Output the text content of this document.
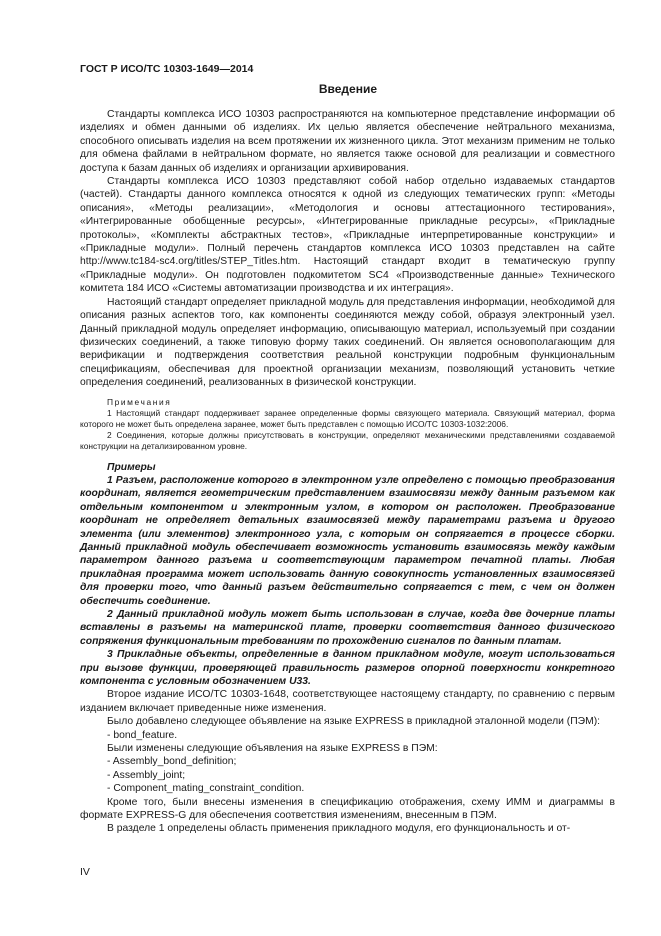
ГОСТ Р ИСО/ТС 10303-1649—2014
Введение

Стандарты комплекса ИСО 10303 распространяются на компьютерное представление информации об изделиях и обмен данными об изделиях. Их целью является обеспечение нейтрального механизма, способного описывать изделия на всем протяжении их жизненного цикла. Этот механизм применим не только для обмена файлами в нейтральном формате, но является также основой для реализации и совместного доступа к базам данных об изделиях и организации архивирования.

Стандарты комплекса ИСО 10303 представляют собой набор отдельно издаваемых стандартов (частей). Стандарты данного комплекса относятся к одной из следующих тематических групп: «Методы описания», «Методы реализации», «Методология и основы аттестационного тестирования», «Интегрированные обобщенные ресурсы», «Интегрированные прикладные ресурсы», «Прикладные протоколы», «Комплекты абстрактных тестов», «Прикладные интерпретированные конструкции» и «Прикладные модули». Полный перечень стандартов комплекса ИСО 10303 представлен на сайте http://www.tc184-sc4.org/titles/STEP_Titles.htm. Настоящий стандарт входит в тематическую группу «Прикладные модули». Он подготовлен подкомитетом SC4 «Производственные данные» Технического комитета 184 ИСО «Системы автоматизации производства и их интеграция».

Настоящий стандарт определяет прикладной модуль для представления информации, необходимой для описания разных аспектов того, как компоненты соединяются между собой, образуя электронный узел. Данный прикладной модуль определяет информацию, описывающую материал, используемый при создании физических соединений, а также типовую форму таких соединений. Он является основополагающим для верификации и подтверждения соответствия реальной конструкции подробным функциональным спецификациям, обеспечивая для проектной организации механизм, позволяющий установить четкие определения соединений, реализованных в физической конструкции.

Примечания

1 Настоящий стандарт поддерживает заранее определенные формы связующего материала. Связующий материал, форма которого не может быть определена заранее, может быть представлен с помощью ИСО/ТС 10303-1032:2006.

2 Соединения, которые должны присутствовать в конструкции, определяют механическими представлениями создаваемой конструкции на детализированном уровне.

Примеры

1 Разъем, расположение которого в электронном узле определено с помощью преобразования координат, является геометрическим представлением взаимосвязи между данным разъемом как отдельным компонентом и электронным узлом, в котором он расположен. Преобразование координат не определяет детальных взаимосвязей между параметрами разъема и другого элемента (или элементов) электронного узла, с которым он сопрягается в процессе сборки. Данный прикладной модуль обеспечивает возможность установить взаимосвязь между каждым параметром данного разъема и соответствующим параметром печатной платы. Любая прикладная программа может использовать данную совокупность установленных взаимосвязей для проверки того, что данный разъем действительно сопрягается с тем, с чем он должен обеспечить соединение.

2 Данный прикладной модуль может быть использован в случае, когда две дочерние платы вставлены в разъемы на материнской плате, проверки соответствия данного физического сопряжения функциональным требованиям по прохождению сигналов по данным платам.

3 Прикладные объекты, определенные в данном прикладном модуле, могут использоваться при вызове функции, проверяющей правильность размеров опорной поверхности конкретного компонента с условным обозначением U33.

Второе издание ИСО/ТС 10303-1648, соответствующее настоящему стандарту, по сравнению с первым изданием включает приведенные ниже изменения.

Было добавлено следующее объявление на языке EXPRESS в прикладной эталонной модели (ПЭМ):

- bond_feature.

Были изменены следующие объявления на языке EXPRESS в ПЭМ:

- Assembly_bond_definition;

- Assembly_joint;

- Component_mating_constraint_condition.

Кроме того, были внесены изменения в спецификацию отображения, схему ИММ и диаграммы в формате EXPRESS-G для обеспечения соответствия изменениям, внесенным в ПЭМ.

В разделе 1 определены область применения прикладного модуля, его функциональность и от-

IV
